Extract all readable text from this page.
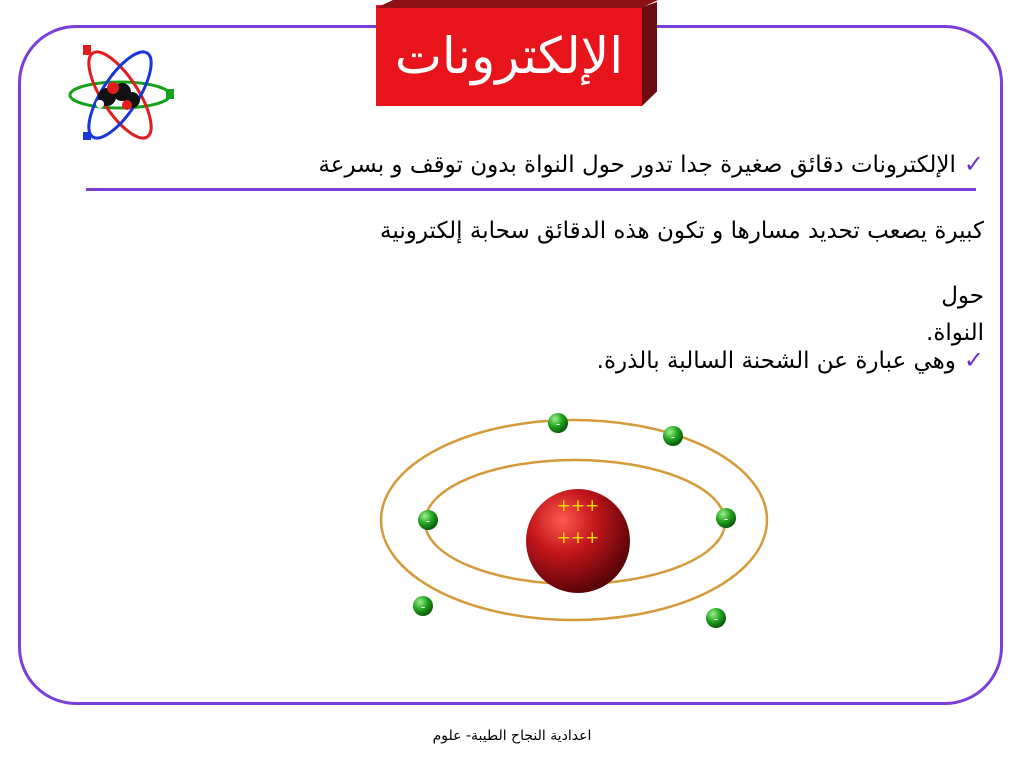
الإلكترونات
✓الإلكترونات دقائق صغيرة جدا تدور حول النواة بدون توقف و بسرعة
كبيرة يصعب تحديد مسارها و تكون هذه الدقائق سحابة إلكترونية
حول
النواة.
✓وهي عبارة عن الشحنة السالبة بالذرة.
+++
+++
-
-
-	-
-
-
اعدادية النجاح الطيبة- علوم
